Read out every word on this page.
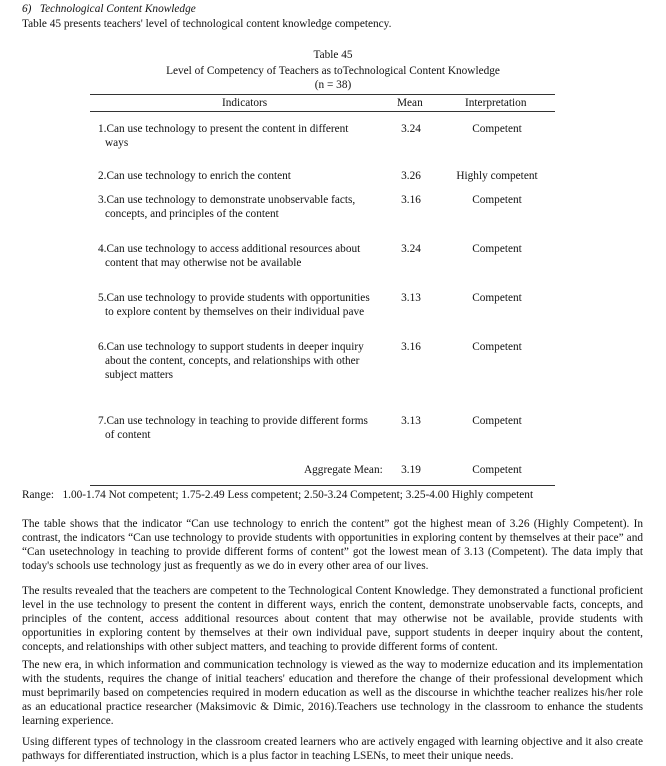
6)   Technological Content Knowledge
Table 45 presents teachers' level of technological content knowledge competency.
Table 45
Level of Competency of Teachers as toTechnological Content Knowledge
(n = 38)
Indicators	Mean	Interpretation
1.Can use technology to present the content in different
ways
3.24	Competent
2.Can use technology to enrich the content	3.26	Highly competent
3.Can use technology to demonstrate unobservable facts,
concepts, and principles of the content
3.16	Competent
4.Can use technology to access additional resources about
content that may otherwise not be available
3.24	Competent
5.Can use technology to provide students with opportunities
to explore content by themselves on their individual pave
3.13	Competent
6.Can use technology to support students in deeper inquiry
about the content, concepts, and relationships with other
subject matters
3.16	Competent
7.Can use technology in teaching to provide different forms
of content
3.13	Competent
Aggregate Mean: 3.19	Competent
Range:   1.00-1.74 Not competent; 1.75-2.49 Less competent; 2.50-3.24 Competent; 3.25-4.00 Highly competent
The table shows that the indicator “Can use technology to enrich the content” got the highest mean of 3.26 (Highly Competent). In contrast, the indicators “Can use technology to provide students with opportunities in exploring content by themselves at their pace” and “Can usetechnology in teaching to provide different forms of content” got the lowest mean of 3.13 (Competent). The data imply that today's schools use technology just as frequently as we do in every other area of our lives.
The results revealed that the teachers are competent to the Technological Content Knowledge. They demonstrated a functional proficient level in the use technology to present the content in different ways, enrich the content, demonstrate unobservable facts, concepts, and principles of the content, access additional resources about content that may otherwise not be available, provide students with opportunities in exploring content by themselves at their own individual pave, support students in deeper inquiry about the content, concepts, and relationships with other subject matters, and teaching to provide different forms of content.
The new era, in which information and communication technology is viewed as the way to modernize education and its implementation with the students, requires the change of initial teachers' education and therefore the change of their professional development which must beprimarily based on competencies required in modern education as well as the discourse in whichthe teacher realizes his/her role as an educational practice researcher (Maksimovic & Dimic, 2016).Teachers use technology in the classroom to enhance the students learning experience.
Using different types of technology in the classroom created learners who are actively engaged with learning objective and it also create pathways for differentiated instruction, which is a plus factor in teaching LSENs, to meet their unique needs.
